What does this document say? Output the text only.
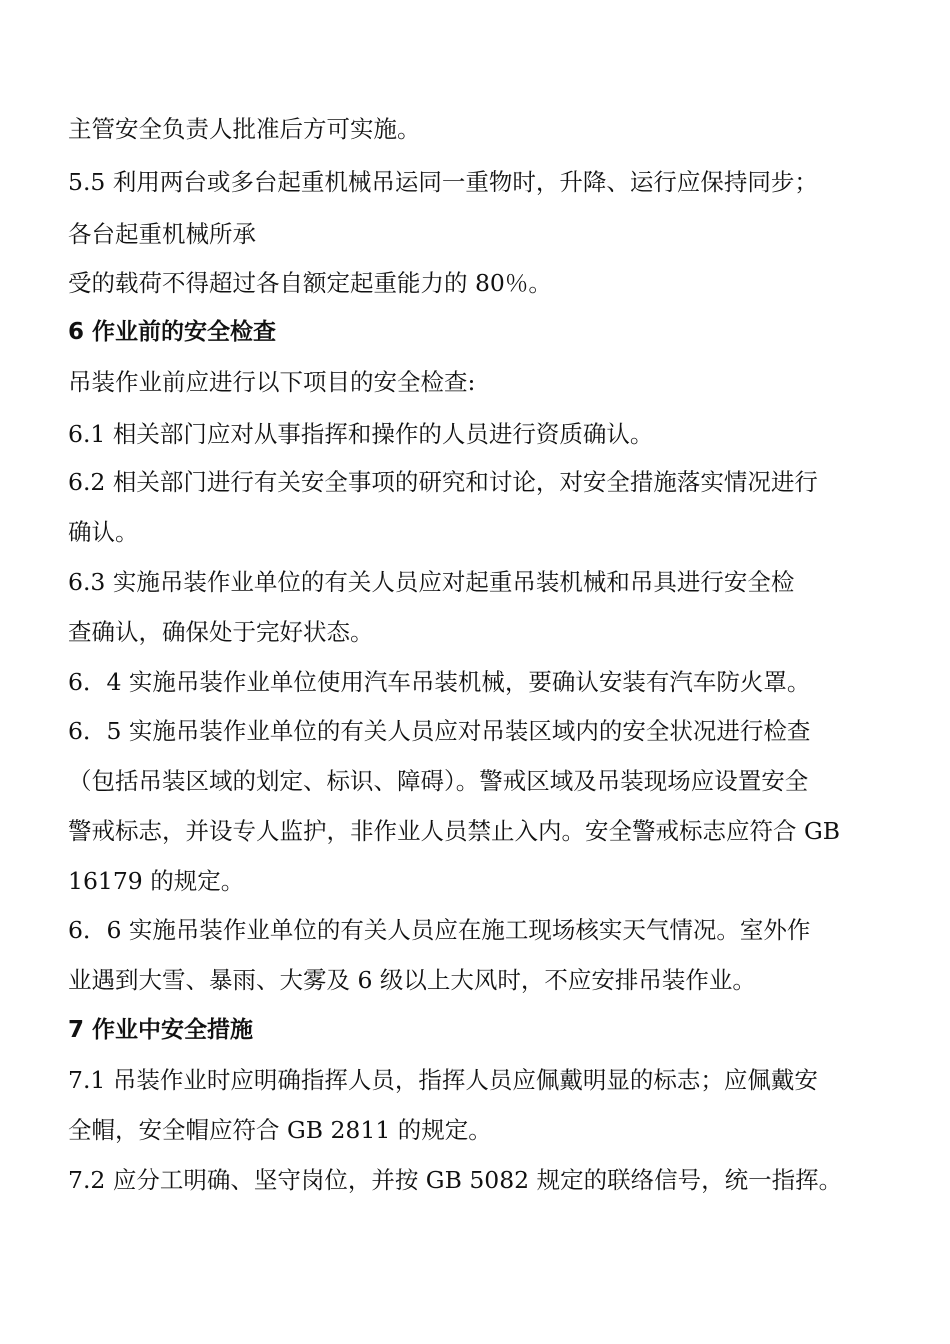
主管安全负责人批准后方可实施。
5.5 利用两台或多台起重机械吊运同一重物时，升降、运行应保持同步；
各台起重机械所承
受的载荷不得超过各自额定起重能力的 80％。
6 作业前的安全检查
吊装作业前应进行以下项目的安全检查:
6.1 相关部门应对从事指挥和操作的人员进行资质确认。
6.2 相关部门进行有关安全事项的研究和讨论，对安全措施落实情况进行
确认。
6.3 实施吊装作业单位的有关人员应对起重吊装机械和吊具进行安全检
查确认，确保处于完好状态。
6．4 实施吊装作业单位使用汽车吊装机械，要确认安装有汽车防火罩。
6．5 实施吊装作业单位的有关人员应对吊装区域内的安全状况进行检查
（包括吊装区域的划定、标识、障碍）。警戒区域及吊装现场应设置安全
警戒标志，并设专人监护，非作业人员禁止入内。安全警戒标志应符合 GB
16179 的规定。
6．6 实施吊装作业单位的有关人员应在施工现场核实天气情况。室外作
业遇到大雪、暴雨、大雾及 6 级以上大风时，不应安排吊装作业。
7 作业中安全措施
7.1 吊装作业时应明确指挥人员，指挥人员应佩戴明显的标志；应佩戴安
全帽，安全帽应符合 GB 2811 的规定。
7.2 应分工明确、坚守岗位，并按 GB 5082 规定的联络信号，统一指挥。
